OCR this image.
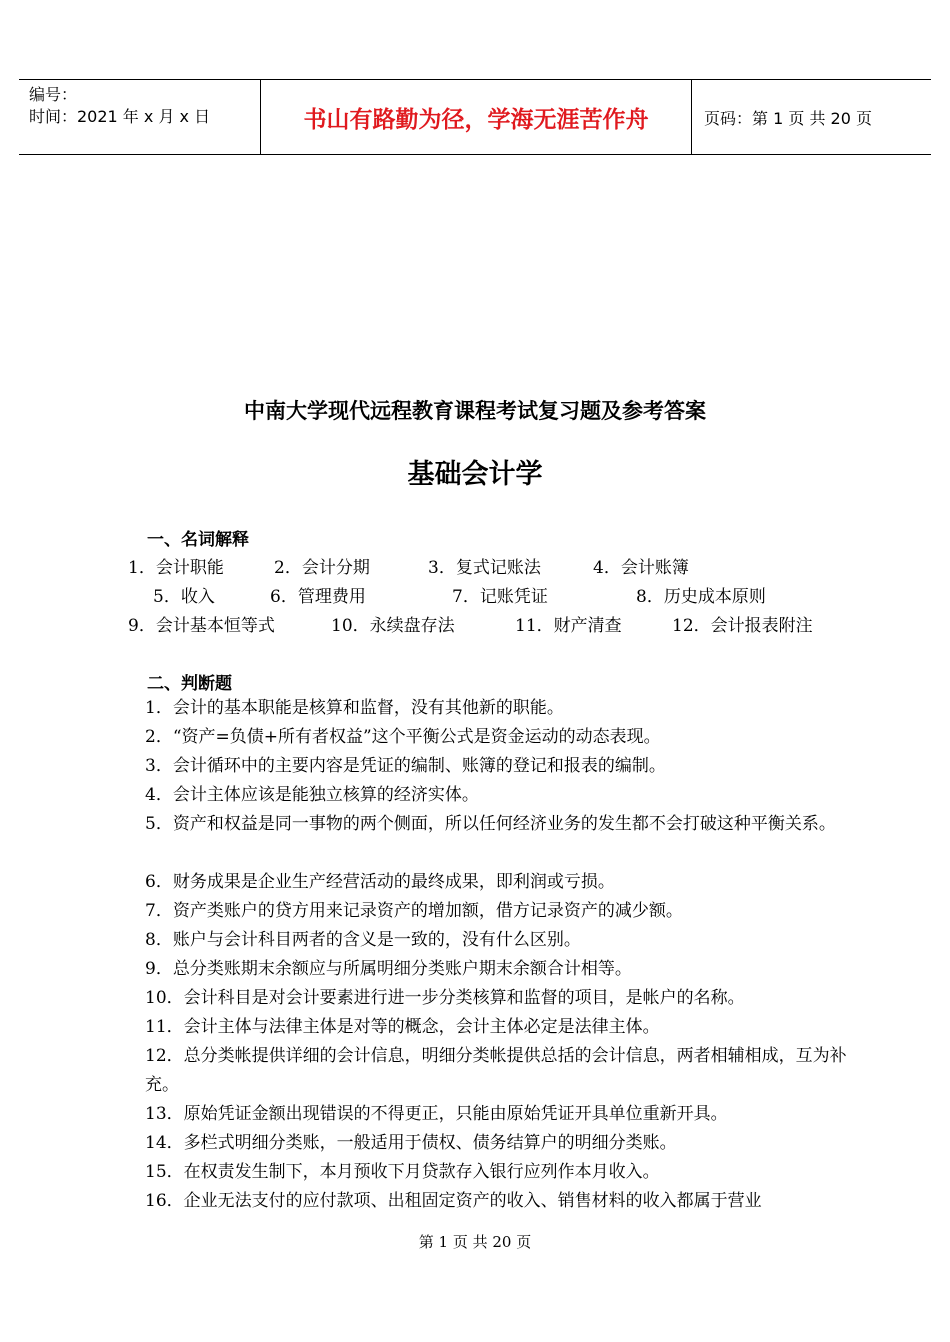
编号：
时间：2021 年 x 月 x 日	书山有路勤为径，学海无涯苦作舟	页码：第 1 页 共 20 页
中南大学现代远程教育课程考试复习题及参考答案
基础会计学
一、名词解释
1．会计职能	2．会计分期	3．复式记账法	4．会计账簿
5．收入	6．管理费用	7．记账凭证	8．历史成本原则
9．会计基本恒等式	10．永续盘存法	11．财产清查	12．会计报表附注
二、判断题
1．会计的基本职能是核算和监督，没有其他新的职能。
2．“资产=负债+所有者权益”这个平衡公式是资金运动的动态表现。
3．会计循环中的主要内容是凭证的编制、账簿的登记和报表的编制。
4．会计主体应该是能独立核算的经济实体。
5．资产和权益是同一事物的两个侧面，所以任何经济业务的发生都不会打破这种平衡关系。
6．财务成果是企业生产经营活动的最终成果，即利润或亏损。
7．资产类账户的贷方用来记录资产的增加额，借方记录资产的减少额。
8．账户与会计科目两者的含义是一致的，没有什么区别。
9．总分类账期末余额应与所属明细分类账户期末余额合计相等。
10．会计科目是对会计要素进行进一步分类核算和监督的项目，是帐户的名称。
11．会计主体与法律主体是对等的概念，会计主体必定是法律主体。
12．总分类帐提供详细的会计信息，明细分类帐提供总括的会计信息，两者相辅相成，互为补充。
13．原始凭证金额出现错误的不得更正，只能由原始凭证开具单位重新开具。
14．多栏式明细分类账，一般适用于债权、债务结算户的明细分类账。
15．在权责发生制下，本月预收下月贷款存入银行应列作本月收入。
16．企业无法支付的应付款项、出租固定资产的收入、销售材料的收入都属于营业
第 1 页 共 20 页
